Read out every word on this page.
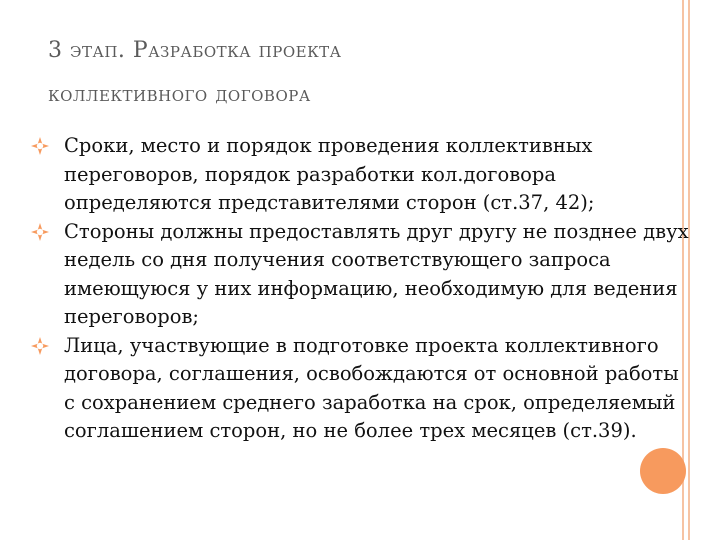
3 этап. Разработка проекта
коллективного договора
Сроки, место и порядок проведения коллективных переговоров, порядок разработки кол.договора определяются представителями сторон (ст.37, 42);
Стороны должны предоставлять друг другу не позднее двух недель со дня получения соответствующего запроса имеющуюся у них информацию, необходимую для ведения переговоров;
Лица, участвующие в подготовке проекта коллективного договора, соглашения, освобождаются от основной работы с сохранением среднего заработка на срок, определяемый соглашением сторон, но не более трех месяцев (ст.39).
